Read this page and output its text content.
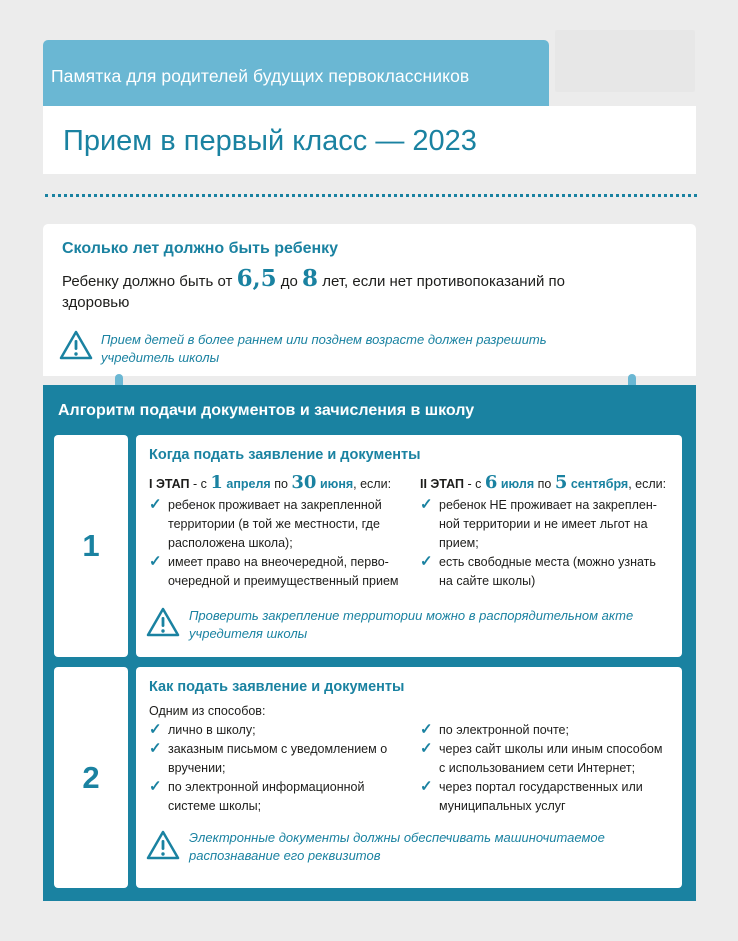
Памятка для родителей будущих первоклассников
Прием в первый класс — 2023
Сколько лет должно быть ребенку
Ребенку должно быть от 6,5 до 8 лет, если нет противопоказаний по здоровью
Прием детей в более раннем или позднем возрасте должен разрешить учредитель школы
Алгоритм подачи документов и зачисления в школу
1
Когда подать заявление и документы
I ЭТАП - с 1 апреля по 30 июня, если:
✓ ребенок проживает на закрепленной территории (в той же местности, где расположена школа);
✓ имеет право на внеочередной, перво-очередной и преимущественный прием
II ЭТАП - с 6 июля по 5 сентября, если:
✓ ребенок НЕ проживает на закреплен-ной территории и не имеет льгот на прием;
✓ есть свободные места (можно узнать на сайте школы)
Проверить закрепление территории можно в распорядительном акте учредителя школы
2
Как подать заявление и документы
Одним из способов:
✓ лично в школу;
✓ заказным письмом с уведомлением о вручении;
✓ по электронной информационной системе школы;
✓ по электронной почте;
✓ через сайт школы или иным способом с использованием сети Интернет;
✓ через портал государственных или муниципальных услуг
Электронные документы должны обеспечивать машиночитаемое распознавание его реквизитов
